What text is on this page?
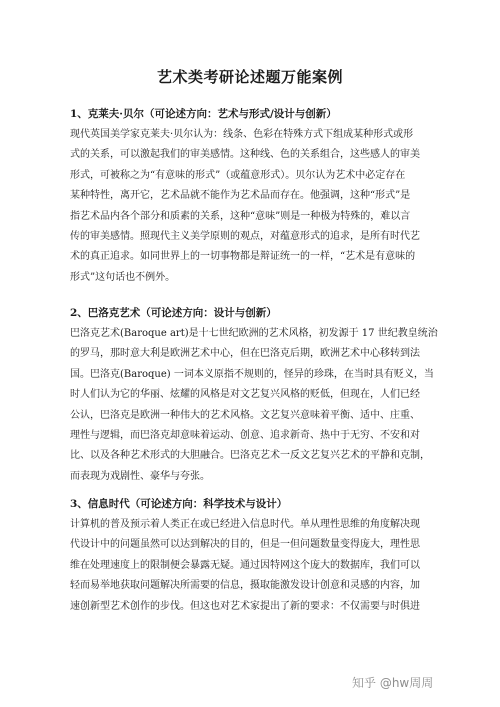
艺术类考研论述题万能案例
1、克莱夫·贝尔（可论述方向：艺术与形式/设计与创新）
现代英国美学家克莱夫·贝尔认为：线条、色彩在特殊方式下组成某种形式或形
式的关系，可以激起我们的审美感情。这种线、色的关系组合，这些感人的审美
形式，可被称之为“有意味的形式”（或蕴意形式）。贝尔认为艺术中必定存在
某种特性，离开它，艺术品就不能作为艺术品而存在。他强调，这种“形式”是
指艺术品内各个部分和质素的关系，这种“意味”则是一种极为特殊的，难以言
传的审美感情。照现代主义美学原则的观点，对蕴意形式的追求，是所有时代艺
术的真正追求。如同世界上的一切事物都是辩证统一的一样，“艺术是有意味的
形式”这句话也不例外。
2、巴洛克艺术（可论述方向：设计与创新）
巴洛克艺术(Baroque art)是十七世纪欧洲的艺术风格，初发源于 17 世纪教皇统治
的罗马，那时意大利是欧洲艺术中心，但在巴洛克后期，欧洲艺术中心移转到法
国。巴洛克(Baroque) 一词本义原指不规则的，怪异的珍珠，在当时具有贬义，当
时人们认为它的华丽、炫耀的风格是对文艺复兴风格的贬低，但现在，人们已经
公认，巴洛克是欧洲一种伟大的艺术风格。文艺复兴意味着平衡、适中、庄重、
理性与逻辑，而巴洛克却意味着运动、创意、追求新奇、热中于无穷、不安和对
比、以及各种艺术形式的大胆融合。巴洛克艺术一反文艺复兴艺术的平静和克制，
而表现为戏剧性、豪华与夸张。
3、信息时代（可论述方向：科学技术与设计）
计算机的普及预示着人类正在或已经进入信息时代。单从理性思维的角度解决现
代设计中的问题虽然可以达到解决的目的，但是一但问题数量变得庞大，理性思
维在处理速度上的限制便会暴露无疑。通过因特网这个庞大的数据库，我们可以
轻而易举地获取问题解决所需要的信息，摄取能激发设计创意和灵感的内容，加
速创新型艺术创作的步伐。但这也对艺术家提出了新的要求：不仅需要与时俱进
知乎 @hw周周
